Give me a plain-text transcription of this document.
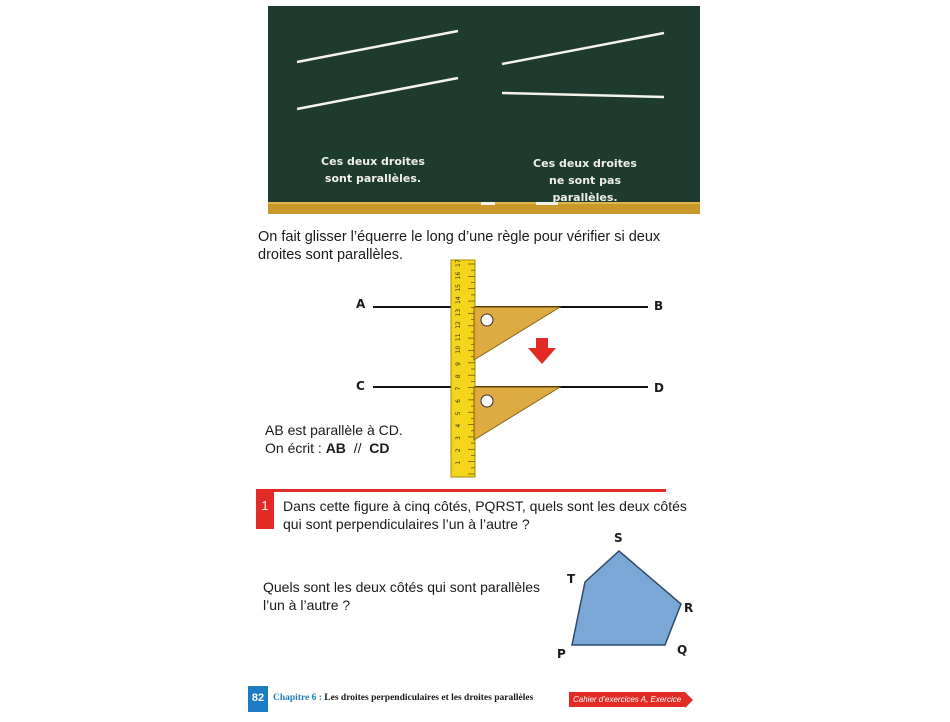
Ces deux droites
sont parallèles.
Ces deux droites
ne sont pas parallèles.
On fait glisser l’équerre le long d’une règle pour vérifier si deux droites sont parallèles.
1
2
3
4
5
6
7
8
9
10
11
12
13
14
15
16
17
A	B
C	D
AB est parallèle à CD.
On écrit : AB // CD
1	Dans cette figure à cinq côtés, PQRST, quels sont les deux côtés qui sont perpendiculaires l’un à l’autre ?
Quels sont les deux côtés qui sont parallèles l’un à l’autre ?
S
T
R
P	Q
82 Chapitre 6 : Les droites perpendiculaires et les droites parallèles	Cahier d’exercices A, Exercice 47
